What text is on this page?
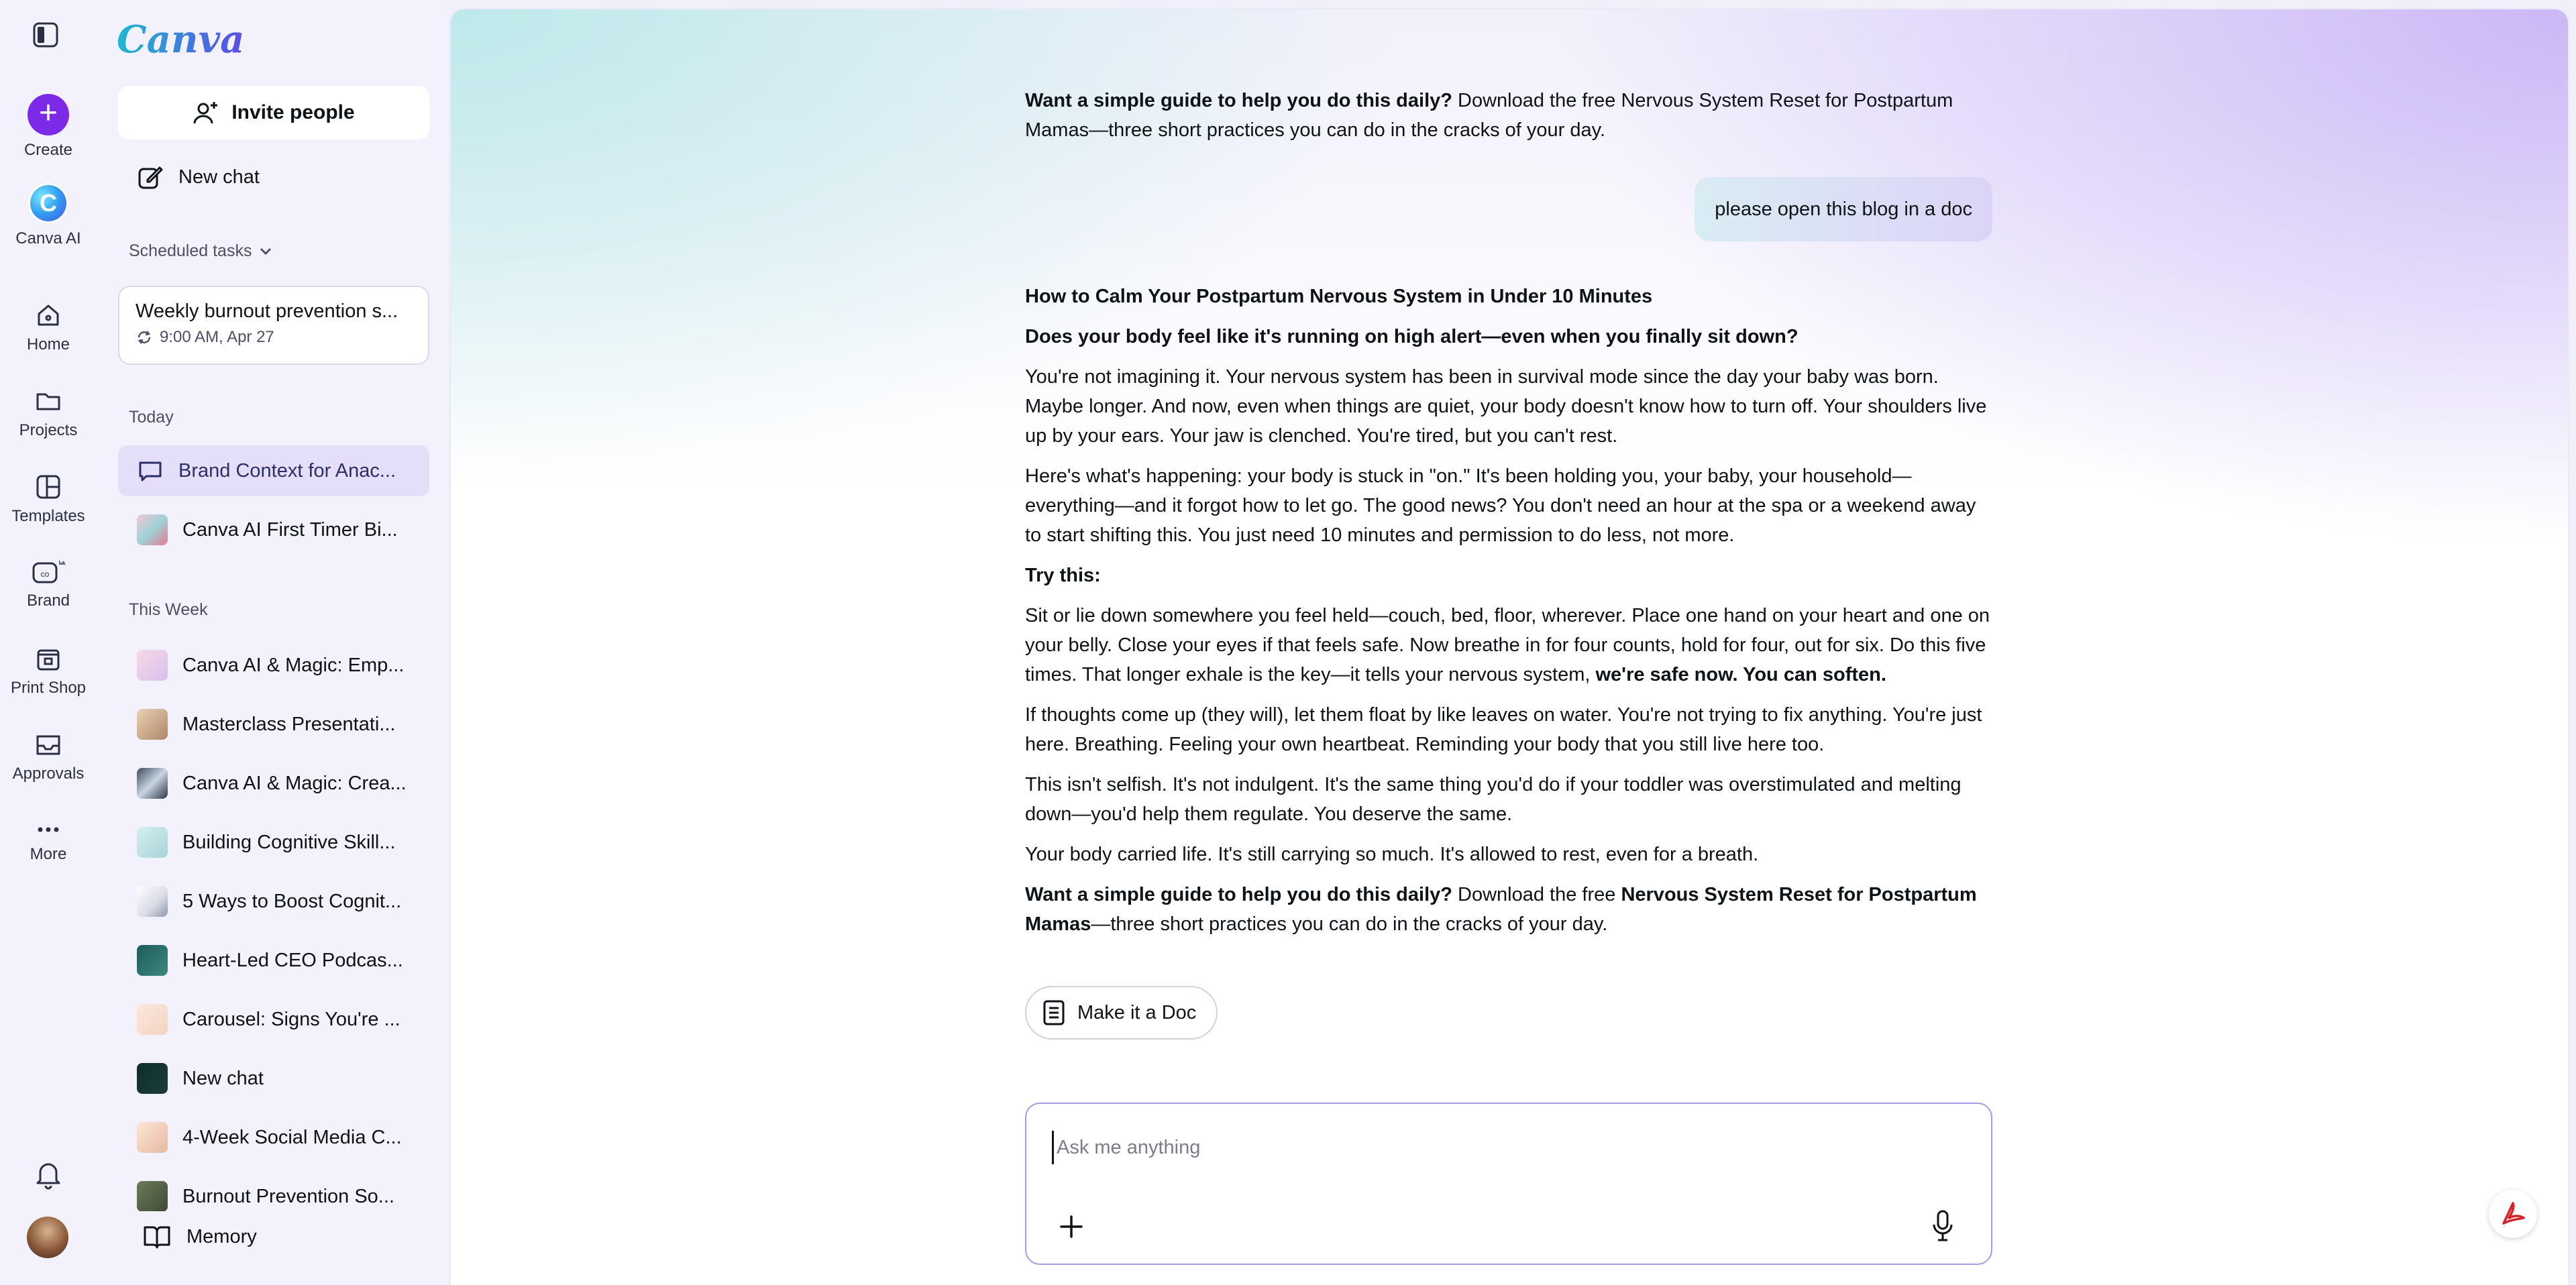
+
Create
C
Canva AI
Home
Projects
Templates
co
Brand
Print Shop
Approvals
More
Canva
Invite people
New chat
Scheduled tasks
Weekly burnout prevention s...
9:00 AM, Apr 27
Today
Brand Context for Anac...
Canva AI First Timer Bi...
This Week
Canva AI & Magic: Emp...
Masterclass Presentati...
Canva AI & Magic: Crea...
Building Cognitive Skill...
5 Ways to Boost Cognit...
Heart-Led CEO Podcas...
Carousel: Signs You're ...
New chat
4-Week Social Media C...
Burnout Prevention So...
Memory

Want a simple guide to help you do this daily? Download the free Nervous System Reset for Postpartum Mamas—three short practices you can do in the cracks of your day.

please open this blog in a doc

How to Calm Your Postpartum Nervous System in Under 10 Minutes

Does your body feel like it's running on high alert—even when you finally sit down?

You're not imagining it. Your nervous system has been in survival mode since the day your baby was born. Maybe longer. And now, even when things are quiet, your body doesn't know how to turn off. Your shoulders live up by your ears. Your jaw is clenched. You're tired, but you can't rest.

Here's what's happening: your body is stuck in "on." It's been holding you, your baby, your household—everything—and it forgot how to let go. The good news? You don't need an hour at the spa or a weekend away to start shifting this. You just need 10 minutes and permission to do less, not more.

Try this:

Sit or lie down somewhere you feel held—couch, bed, floor, wherever. Place one hand on your heart and one on your belly. Close your eyes if that feels safe. Now breathe in for four counts, hold for four, out for six. Do this five times. That longer exhale is the key—it tells your nervous system, we're safe now. You can soften.

If thoughts come up (they will), let them float by like leaves on water. You're not trying to fix anything. You're just here. Breathing. Feeling your own heartbeat. Reminding your body that you still live here too.

This isn't selfish. It's not indulgent. It's the same thing you'd do if your toddler was overstimulated and melting down—you'd help them regulate. You deserve the same.

Your body carried life. It's still carrying so much. It's allowed to rest, even for a breath.

Want a simple guide to help you do this daily? Download the free Nervous System Reset for Postpartum Mamas—three short practices you can do in the cracks of your day.

Make it a Doc
Ask me anything
